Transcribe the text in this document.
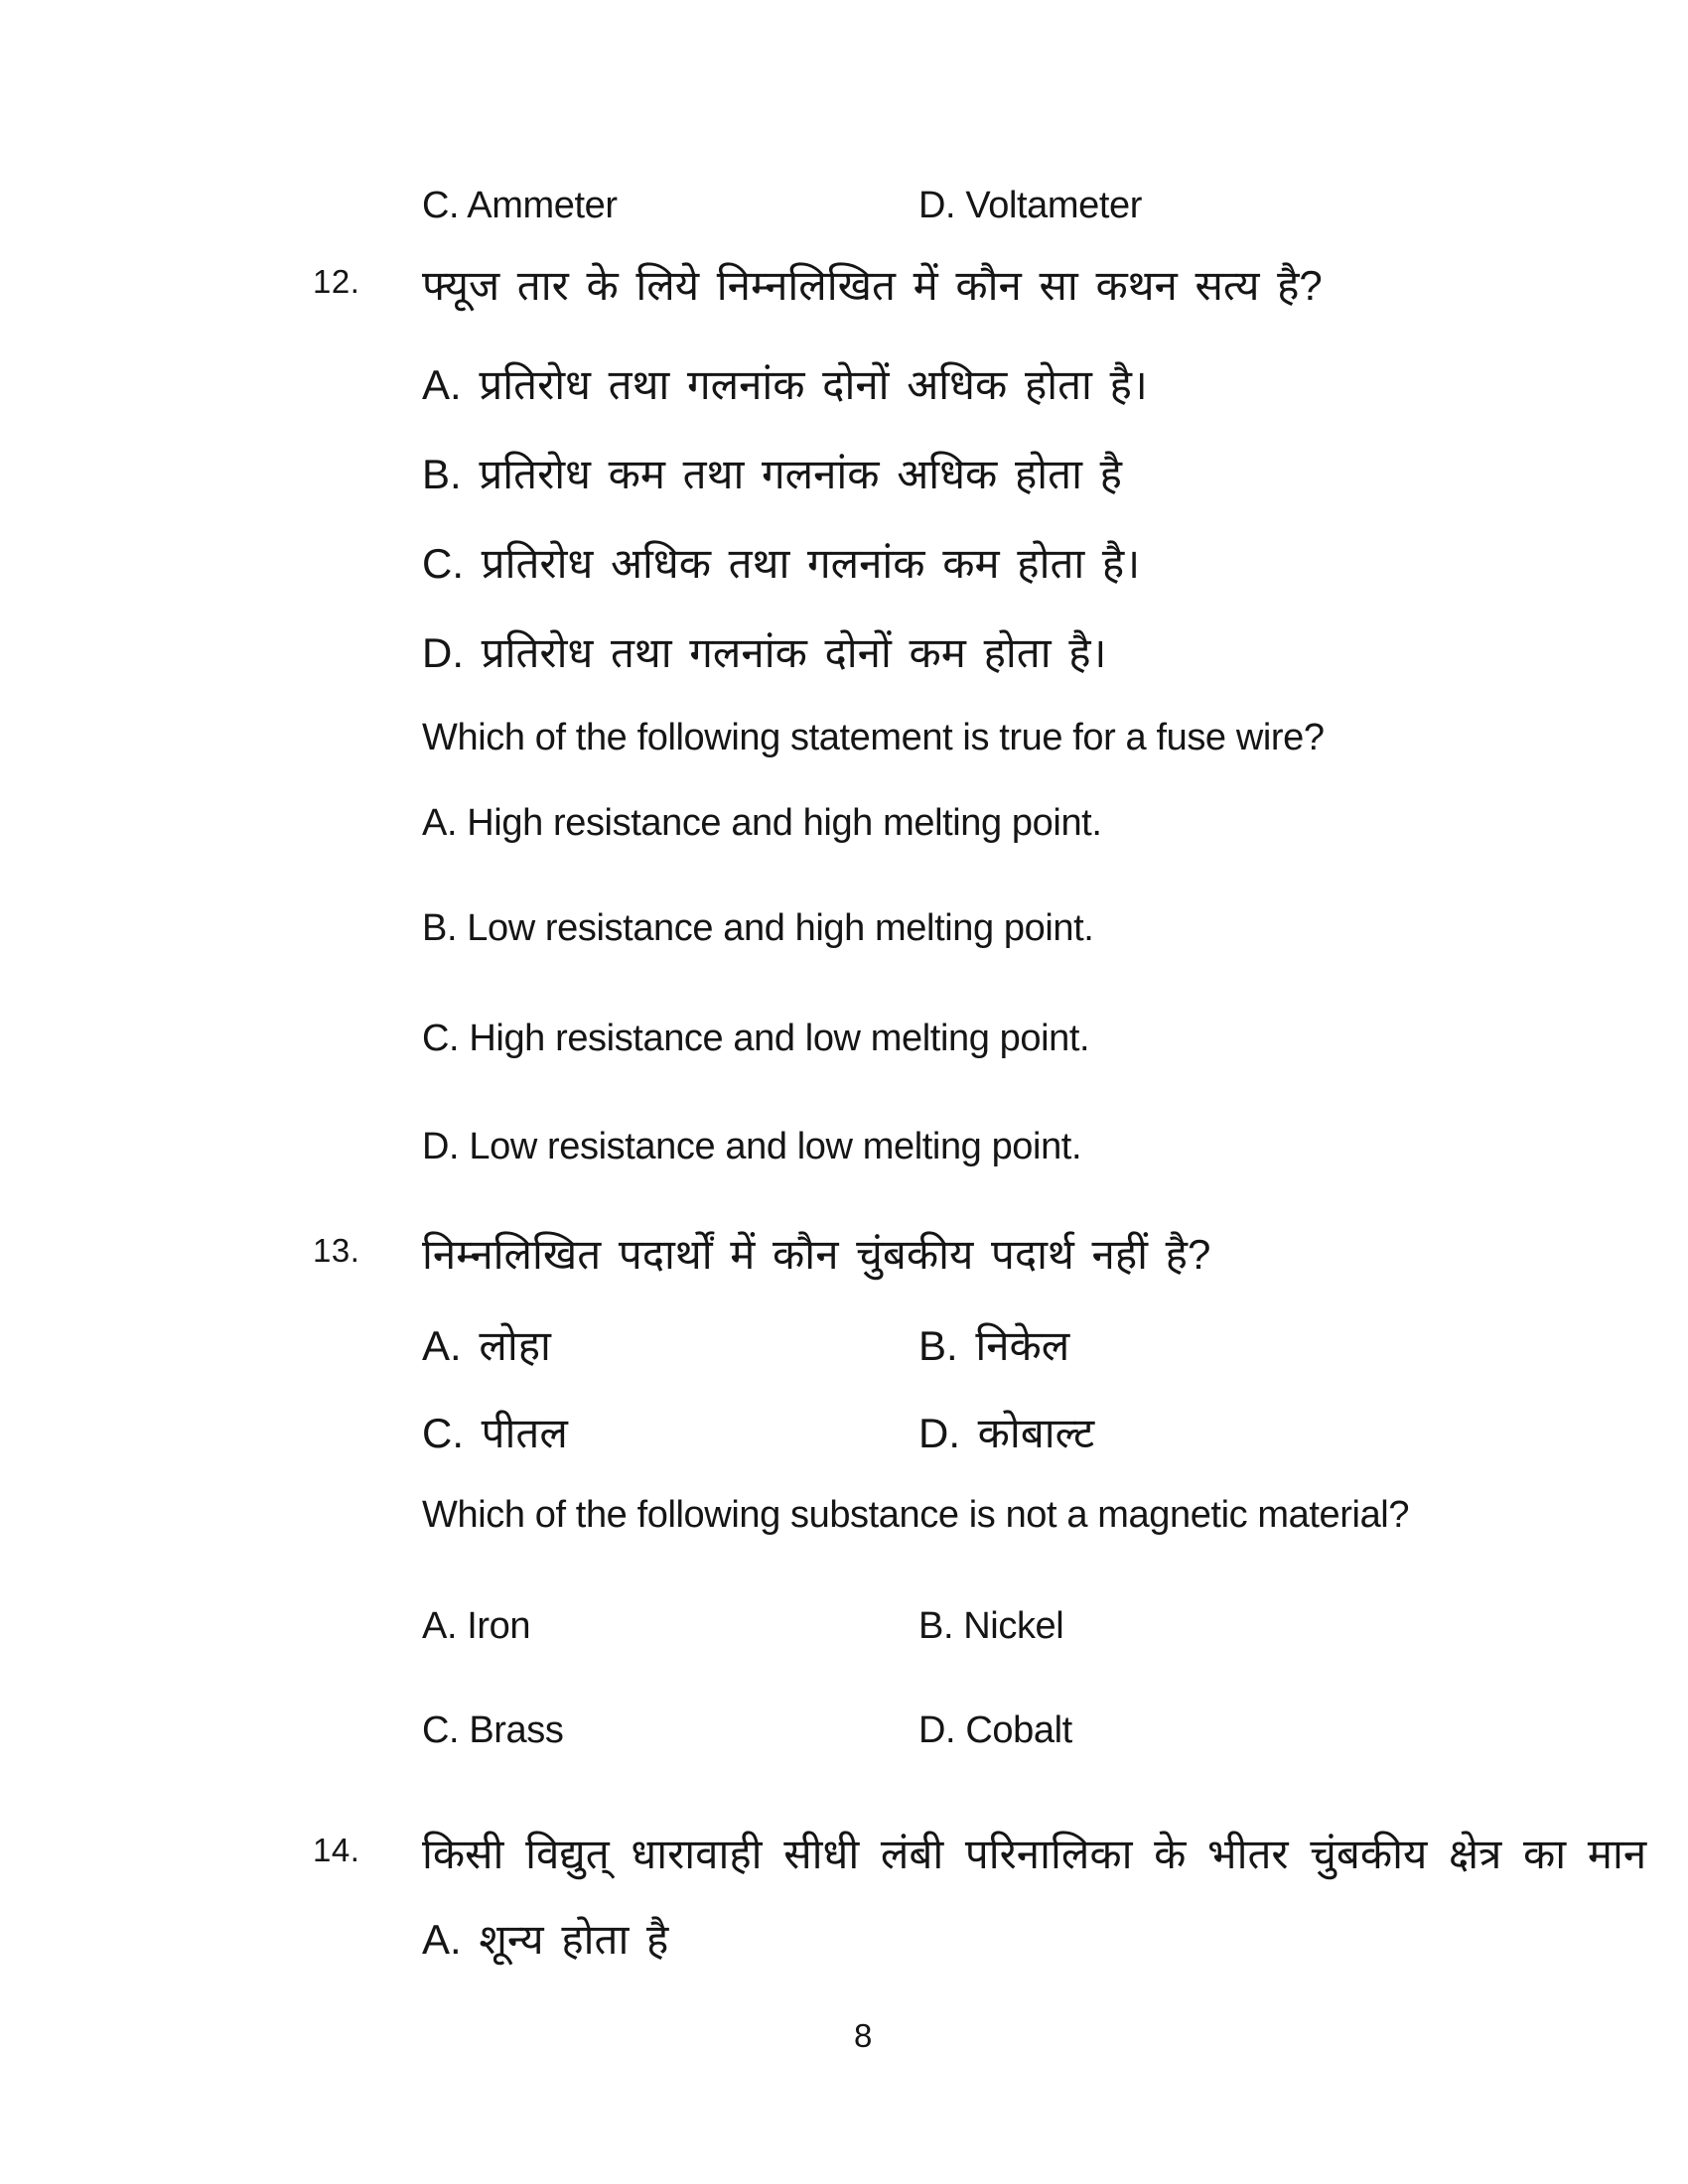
C. Ammeter	D. Voltameter
12. फ्यूज तार के लिये निम्नलिखित में कौन सा कथन सत्य है?
A. प्रतिरोध तथा गलनांक दोनों अधिक होता है।
B. प्रतिरोध कम तथा गलनांक अधिक होता है
C. प्रतिरोध अधिक तथा गलनांक कम होता है।
D. प्रतिरोध तथा गलनांक दोनों कम होता है।
Which of the following statement is true for a fuse wire?
A. High resistance and high melting point.
B. Low resistance and high melting point.
C. High resistance and low melting point.
D. Low resistance and low melting point.
13. निम्नलिखित पदार्थों में कौन चुंबकीय पदार्थ नहीं है?
A. लोहा	B. निकेल
C. पीतल	D. कोबाल्ट
Which of the following substance is not a magnetic material?
A. Iron	B. Nickel
C. Brass	D. Cobalt
14. किसी विद्युत् धारावाही सीधी लंबी परिनालिका के भीतर चुंबकीय क्षेत्र का मान
A. शून्य होता है
8
